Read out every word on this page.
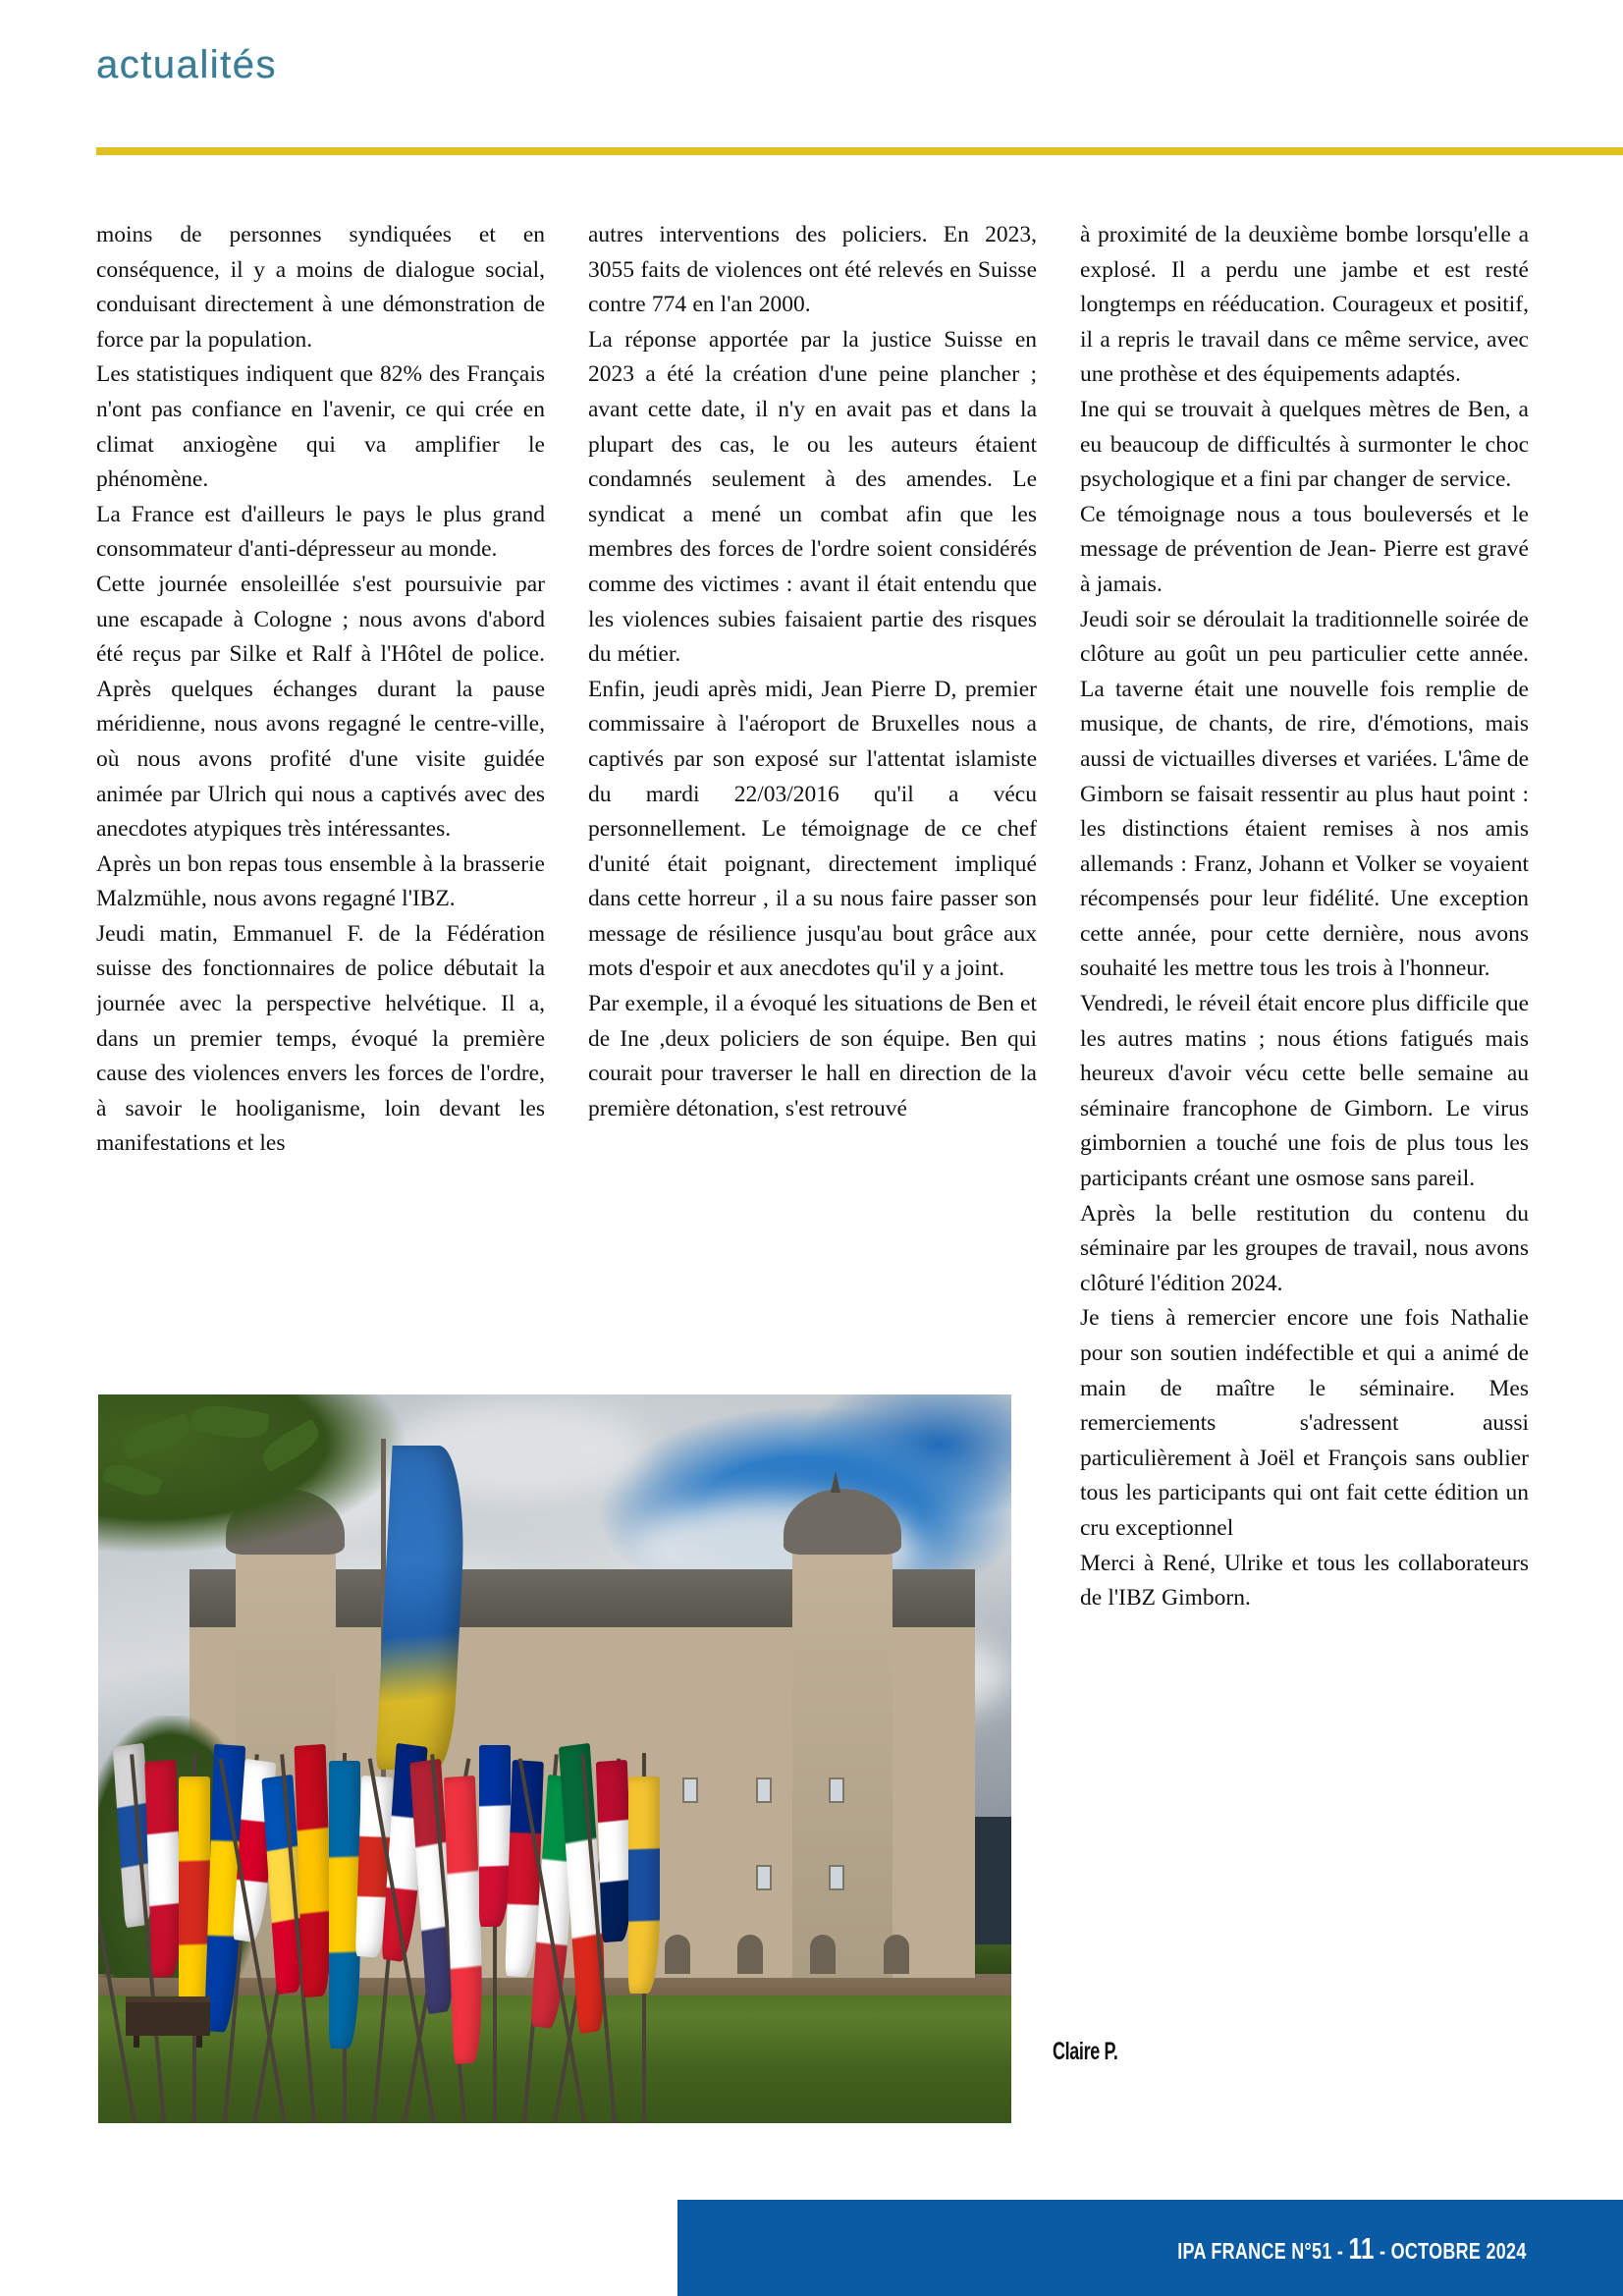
actualités

moins de personnes syndiquées et en conséquence, il y a moins de dialogue social, conduisant directement à une démonstration de force par la population.

Les statistiques indiquent que 82% des Français n'ont pas confiance en l'avenir, ce qui crée en climat anxiogène qui va amplifier le phénomène.

La France est d'ailleurs le pays le plus grand consommateur d'anti-dépresseur au monde.

Cette journée ensoleillée s'est poursuivie par une escapade à Cologne ; nous avons d'abord été reçus par Silke et Ralf à l'Hôtel de police. Après quelques échanges durant la pause méridienne, nous avons regagné le centre-ville, où nous avons profité d'une visite guidée animée par Ulrich qui nous a captivés avec des anecdotes atypiques très intéressantes.

Après un bon repas tous ensemble à la brasserie Malzmühle, nous avons regagné l'IBZ.

Jeudi matin, Emmanuel F. de la Fédération suisse des fonctionnaires de police débutait la journée avec la perspective helvétique. Il a, dans un premier temps, évoqué la première cause des violences envers les forces de l'ordre, à savoir le hooliganisme, loin devant les manifestations et les

autres interventions des policiers. En 2023, 3055 faits de violences ont été relevés en Suisse contre 774 en l'an 2000.

La réponse apportée par la justice Suisse en 2023 a été la création d'une peine plancher ; avant cette date, il n'y en avait pas et dans la plupart des cas, le ou les auteurs étaient condamnés seulement à des amendes. Le syndicat a mené un combat afin que les membres des forces de l'ordre soient considérés comme des victimes : avant il était entendu que les violences subies faisaient partie des risques du métier.

Enfin, jeudi après midi, Jean Pierre D, premier commissaire à l'aéroport de Bruxelles nous a captivés par son exposé sur l'attentat islamiste du mardi 22/03/2016 qu'il a vécu personnellement. Le témoignage de ce chef d'unité était poignant, directement impliqué dans cette horreur , il a su nous faire passer son message de résilience jusqu'au bout grâce aux mots d'espoir et aux anecdotes qu'il y a joint.

Par exemple, il a évoqué les situations de Ben et de Ine ,deux policiers de son équipe. Ben qui courait pour traverser le hall en direction de la première détonation, s'est retrouvé

à proximité de la deuxième bombe lorsqu'elle a explosé. Il a perdu une jambe et est resté longtemps en rééducation. Courageux et positif, il a repris le travail dans ce même service, avec une prothèse et des équipements adaptés.

Ine qui se trouvait à quelques mètres de Ben, a eu beaucoup de difficultés à surmonter le choc psychologique et a fini par changer de service.

Ce témoignage nous a tous bouleversés et le message de prévention de Jean- Pierre est gravé à jamais.

Jeudi soir se déroulait la traditionnelle soirée de clôture au goût un peu particulier cette année. La taverne était une nouvelle fois remplie de musique, de chants, de rire, d'émotions, mais aussi de victuailles diverses et variées. L'âme de Gimborn se faisait ressentir au plus haut point : les distinctions étaient remises à nos amis allemands : Franz, Johann et Volker se voyaient récompensés pour leur fidélité. Une exception cette année, pour cette dernière, nous avons souhaité les mettre tous les trois à l'honneur.

Vendredi, le réveil était encore plus difficile que les autres matins ; nous étions fatigués mais heureux d'avoir vécu cette belle semaine au séminaire francophone de Gimborn. Le virus gimbornien a touché une fois de plus tous les participants créant une osmose sans pareil.

Après la belle restitution du contenu du séminaire par les groupes de travail, nous avons clôturé l'édition 2024.

Je tiens à remercier encore une fois Nathalie pour son soutien indéfectible et qui a animé de main de maître le séminaire. Mes remerciements s'adressent aussi particulièrement à Joël et François sans oublier tous les participants qui ont fait cette édition un cru exceptionnel

Merci à René, Ulrike et tous les collaborateurs de l'IBZ Gimborn.

Claire P.
IPA FRANCE N°51 - 11 - OCTOBRE 2024
